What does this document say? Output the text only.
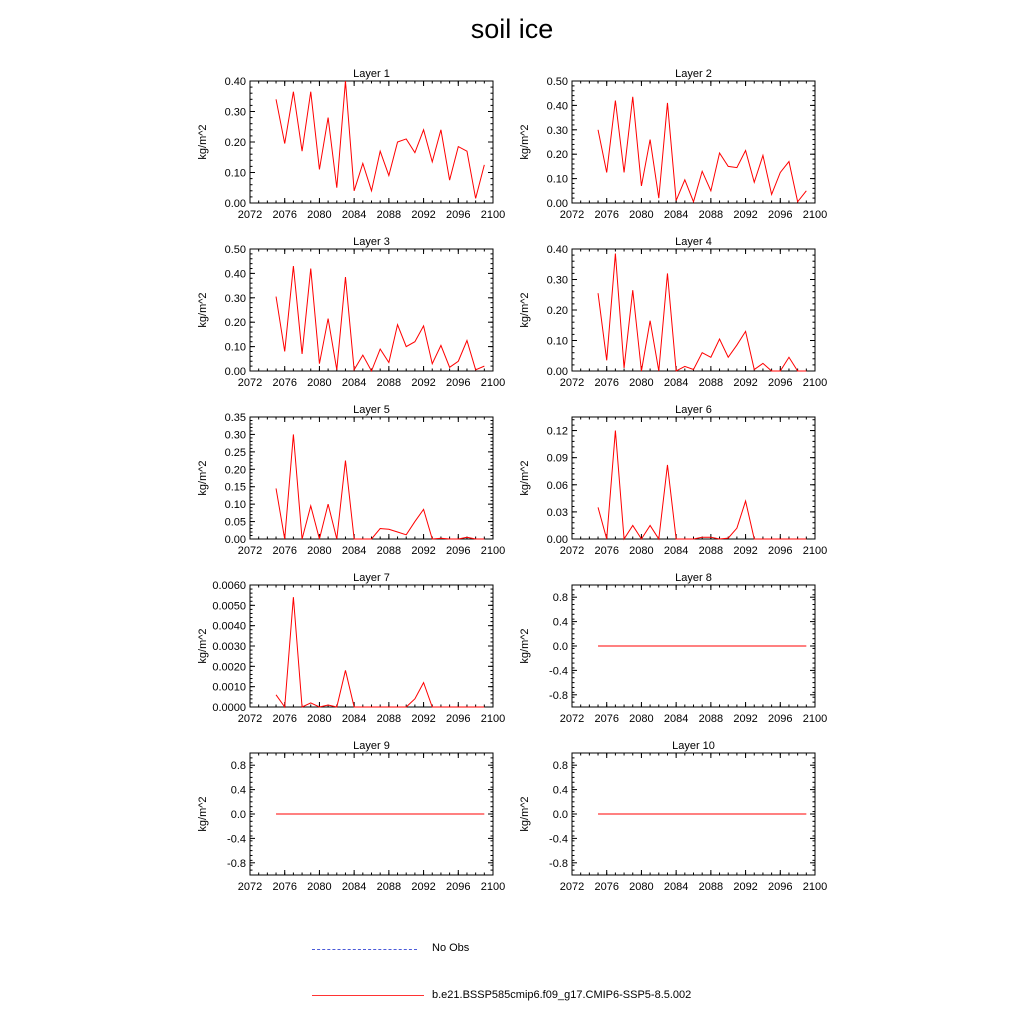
soil ice
Layer 1
2072 2076 2080 2084 2088 2092 2096 2100
0.00
0.10
0.20
0.30
0.40
kg/m^2
Layer 2
2072 2076 2080 2084 2088 2092 2096 2100
0.00
0.10
0.20
0.30
0.40
0.50
kg/m^2
Layer 3
2072 2076 2080 2084 2088 2092 2096 2100
0.00
0.10
0.20
0.30
0.40
0.50
kg/m^2
Layer 4
2072 2076 2080 2084 2088 2092 2096 2100
0.00
0.10
0.20
0.30
0.40
kg/m^2
Layer 5
2072 2076 2080 2084 2088 2092 2096 2100
0.00
0.05
0.10
0.15
0.20
0.25
0.30
0.35
kg/m^2
Layer 6
2072 2076 2080 2084 2088 2092 2096 2100
0.00
0.03
0.06
0.09
0.12
kg/m^2
Layer 7
2072 2076 2080 2084 2088 2092 2096 2100
0.0000
0.0010
0.0020
0.0030
0.0040
0.0050
0.0060
kg/m^2
Layer 8
2072 2076 2080 2084 2088 2092 2096 2100
-0.8
-0.4
0.0
0.4
0.8
kg/m^2
Layer 9
2072 2076 2080 2084 2088 2092 2096 2100
-0.8
-0.4
0.0
0.4
0.8
kg/m^2
Layer 10
2072 2076 2080 2084 2088 2092 2096 2100
-0.8
-0.4
0.0
0.4
0.8
kg/m^2
No Obs
b.e21.BSSP585cmip6.f09_g17.CMIP6-SSP5-8.5.002
